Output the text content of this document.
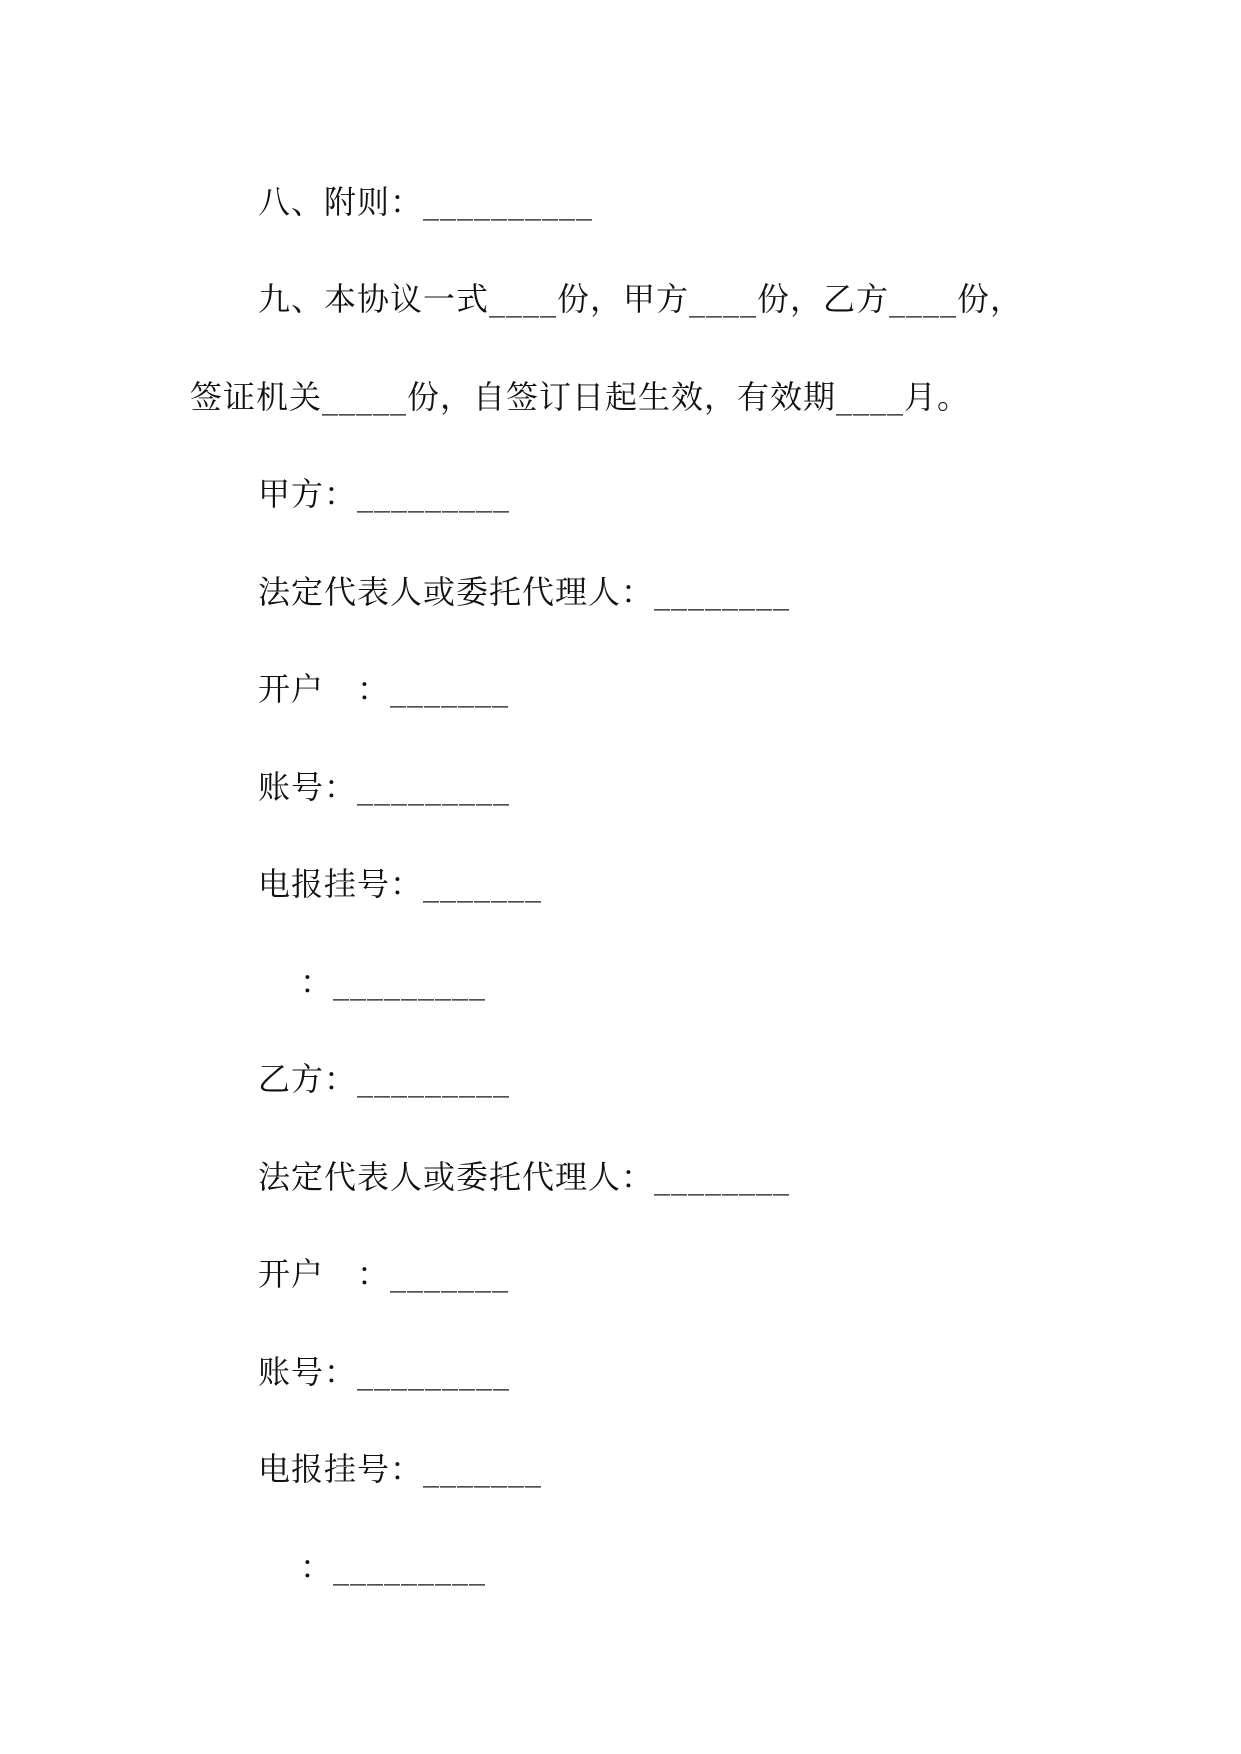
八、附则：__________
九、本协议一式____份，甲方____份，乙方____份，
签证机关_____份，自签订日起生效，有效期____月。
甲方：_________
法定代表人或委托代理人：________
开户　：_______
账号：_________
电报挂号：_______
：_________
乙方：_________
法定代表人或委托代理人：________
开户　：_______
账号：_________
电报挂号：_______
：_________
